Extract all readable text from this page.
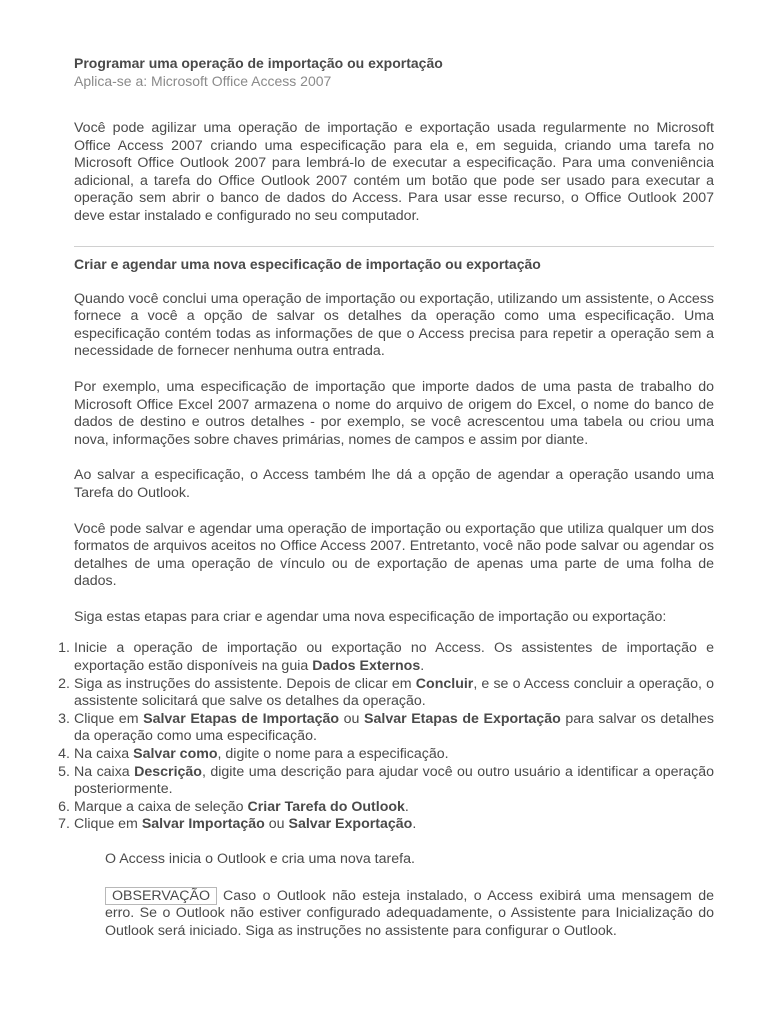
Programar uma operação de importação ou exportação
Aplica-se a: Microsoft Office Access 2007

Você pode agilizar uma operação de importação e exportação usada regularmente no Microsoft Office Access 2007 criando uma especificação para ela e, em seguida, criando uma tarefa no Microsoft Office Outlook 2007 para lembrá-lo de executar a especificação. Para uma conveniência adicional, a tarefa do Office Outlook 2007 contém um botão que pode ser usado para executar a operação sem abrir o banco de dados do Access. Para usar esse recurso, o Office Outlook 2007 deve estar instalado e configurado no seu computador.

Criar e agendar uma nova especificação de importação ou exportação

Quando você conclui uma operação de importação ou exportação, utilizando um assistente, o Access fornece a você a opção de salvar os detalhes da operação como uma especificação. Uma especificação contém todas as informações de que o Access precisa para repetir a operação sem a necessidade de fornecer nenhuma outra entrada.

Por exemplo, uma especificação de importação que importe dados de uma pasta de trabalho do Microsoft Office Excel 2007 armazena o nome do arquivo de origem do Excel, o nome do banco de dados de destino e outros detalhes - por exemplo, se você acrescentou uma tabela ou criou uma nova, informações sobre chaves primárias, nomes de campos e assim por diante.

Ao salvar a especificação, o Access também lhe dá a opção de agendar a operação usando uma Tarefa do Outlook.

Você pode salvar e agendar uma operação de importação ou exportação que utiliza qualquer um dos formatos de arquivos aceitos no Office Access 2007. Entretanto, você não pode salvar ou agendar os detalhes de uma operação de vínculo ou de exportação de apenas uma parte de uma folha de dados.

Siga estas etapas para criar e agendar uma nova especificação de importação ou exportação:

1. Inicie a operação de importação ou exportação no Access. Os assistentes de importação e exportação estão disponíveis na guia Dados Externos.
2. Siga as instruções do assistente. Depois de clicar em Concluir, e se o Access concluir a operação, o assistente solicitará que salve os detalhes da operação.
3. Clique em Salvar Etapas de Importação ou Salvar Etapas de Exportação para salvar os detalhes da operação como uma especificação.
4. Na caixa Salvar como, digite o nome para a especificação.
5. Na caixa Descrição, digite uma descrição para ajudar você ou outro usuário a identificar a operação posteriormente.
6. Marque a caixa de seleção Criar Tarefa do Outlook.
7. Clique em Salvar Importação ou Salvar Exportação.

O Access inicia o Outlook e cria uma nova tarefa.

OBSERVAÇÃO Caso o Outlook não esteja instalado, o Access exibirá uma mensagem de erro. Se o Outlook não estiver configurado adequadamente, o Assistente para Inicialização do Outlook será iniciado. Siga as instruções no assistente para configurar o Outlook.
